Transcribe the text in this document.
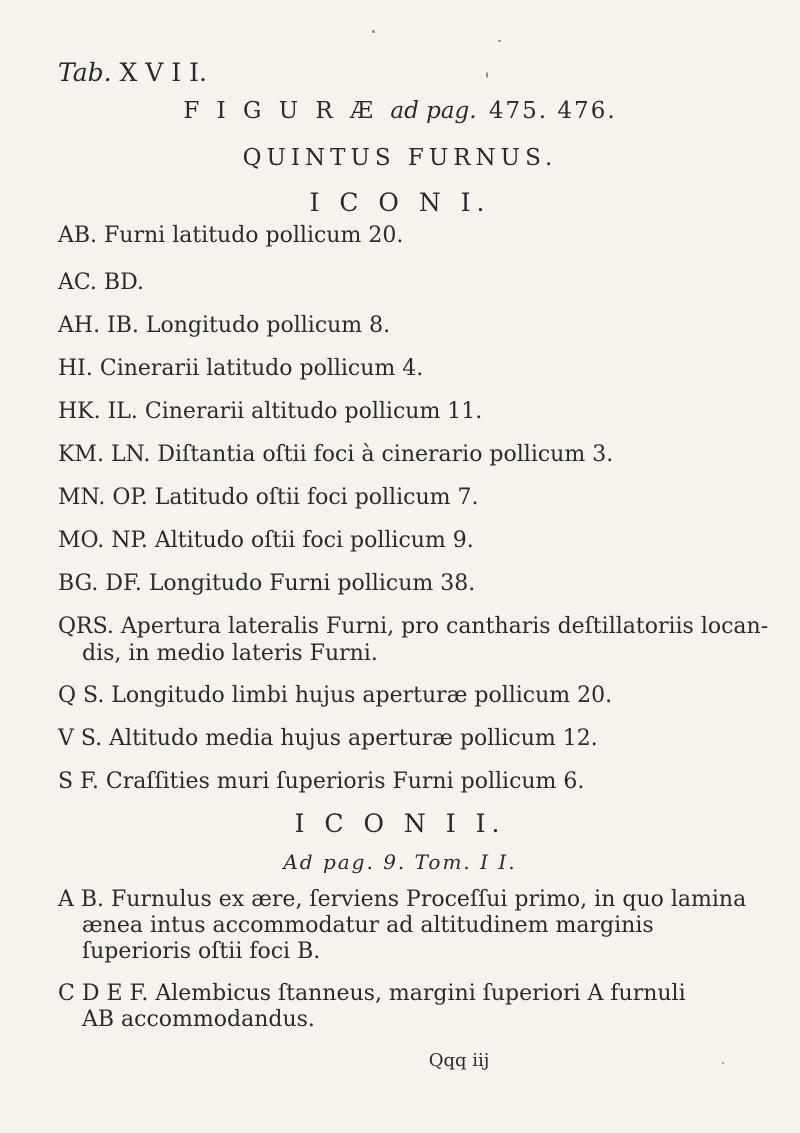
Tab. X V I I.
F I G U R Æ ad pag. 475. 476.
QUINTUS FURNUS.
I C O N I.
AB. Furni latitudo pollicum 20.
AC. BD.
AH. IB. Longitudo pollicum 8.
HI. Cinerarii latitudo pollicum 4.
HK. IL. Cinerarii altitudo pollicum 11.
KM. LN. Diſtantia oſtii foci à cinerario pollicum 3.
MN. OP. Latitudo oſtii foci pollicum 7.
MO. NP. Altitudo oſtii foci pollicum 9.
BG. DF. Longitudo Furni pollicum 38.
QRS. Apertura lateralis Furni, pro cantharis deſtillatoriis locan-
dis, in medio lateris Furni.
Q S. Longitudo limbi hujus aperturæ pollicum 20.
V S. Altitudo media hujus aperturæ pollicum 12.
S F. Craſſities muri ſuperioris Furni pollicum 6.
I C O N I I.
Ad pag. 9. Tom. I I.
A B. Furnulus ex ære, ſerviens Proceſſui primo, in quo lamina
ænea intus accommodatur ad altitudinem marginis
ſuperioris oſtii foci B.
C D E F. Alembicus ſtanneus, margini ſuperiori A furnuli
AB accommodandus.
Qqq iij
